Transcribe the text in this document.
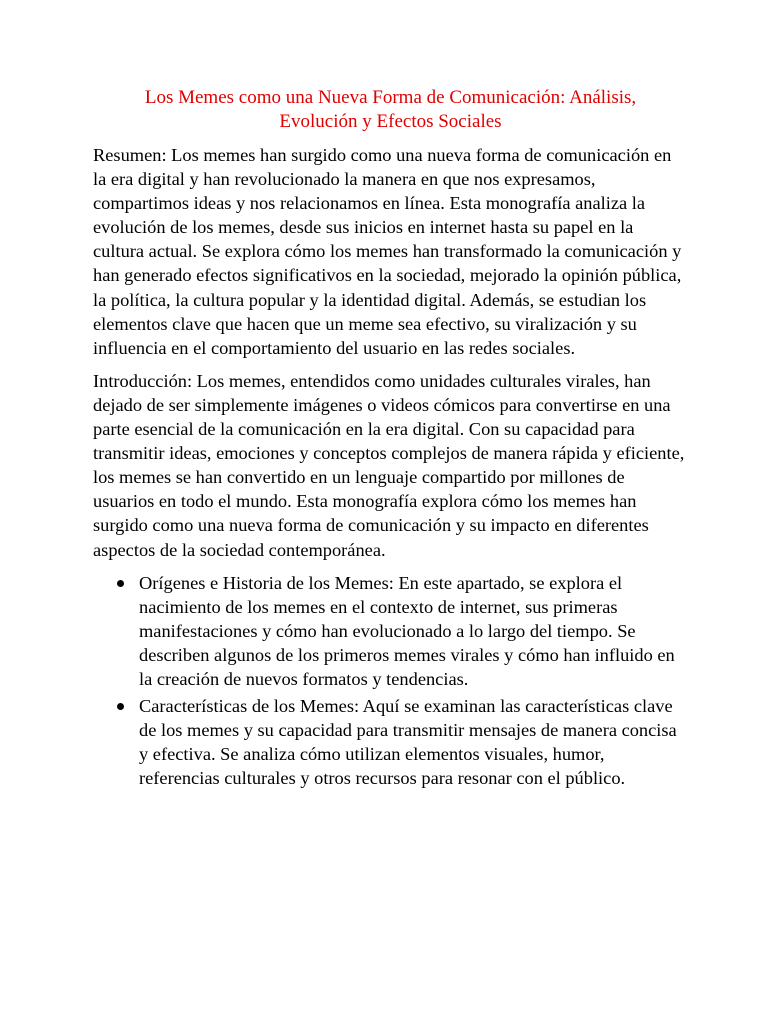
Los Memes como una Nueva Forma de Comunicación: Análisis,
Evolución y Efectos Sociales

Resumen: Los memes han surgido como una nueva forma de comunicación en la era digital y han revolucionado la manera en que nos expresamos, compartimos ideas y nos relacionamos en línea. Esta monografía analiza la evolución de los memes, desde sus inicios en internet hasta su papel en la cultura actual. Se explora cómo los memes han transformado la comunicación y han generado efectos significativos en la sociedad, mejorado la opinión pública, la política, la cultura popular y la identidad digital. Además, se estudian los elementos clave que hacen que un meme sea efectivo, su viralización y su influencia en el comportamiento del usuario en las redes sociales.

Introducción: Los memes, entendidos como unidades culturales virales, han dejado de ser simplemente imágenes o videos cómicos para convertirse en una parte esencial de la comunicación en la era digital. Con su capacidad para transmitir ideas, emociones y conceptos complejos de manera rápida y eficiente, los memes se han convertido en un lenguaje compartido por millones de usuarios en todo el mundo. Esta monografía explora cómo los memes han surgido como una nueva forma de comunicación y su impacto en diferentes aspectos de la sociedad contemporánea.

Orígenes e Historia de los Memes: En este apartado, se explora el nacimiento de los memes en el contexto de internet, sus primeras manifestaciones y cómo han evolucionado a lo largo del tiempo. Se describen algunos de los primeros memes virales y cómo han influido en la creación de nuevos formatos y tendencias.
Características de los Memes: Aquí se examinan las características clave de los memes y su capacidad para transmitir mensajes de manera concisa y efectiva. Se analiza cómo utilizan elementos visuales, humor, referencias culturales y otros recursos para resonar con el público.
